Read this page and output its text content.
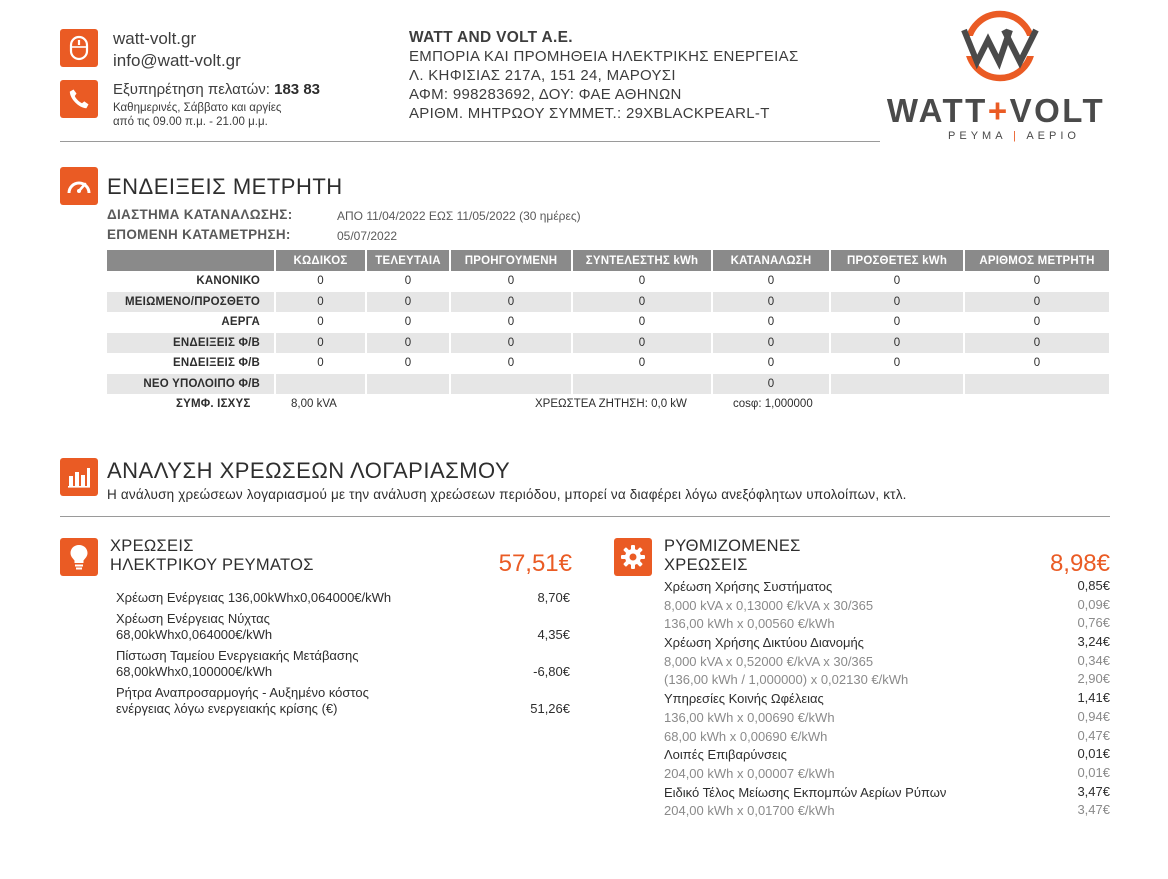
watt-volt.gr
info@watt-volt.gr
Εξυπηρέτηση πελατών: 183 83
Καθημερινές, Σάββατο και αργίες
από τις 09.00 π.μ. - 21.00 μ.μ.
WATT AND VOLT A.E.
ΕΜΠΟΡΙΑ ΚΑΙ ΠΡΟΜΗΘΕΙΑ ΗΛΕΚΤΡΙΚΗΣ ΕΝΕΡΓΕΙΑΣ
Λ. ΚΗΦΙΣΙΑΣ 217Α, 151 24, ΜΑΡΟΥΣΙ
ΑΦΜ: 998283692, ΔΟΥ: ΦΑΕ ΑΘΗΝΩΝ
ΑΡΙΘΜ. ΜΗΤΡΩΟΥ ΣΥΜΜΕΤ.: 29XBLACKPEARL-T	WATT+VOLT
ΡΕΥΜΑ | ΑΕΡΙΟ
ΕΝΔΕΙΞΕΙΣ ΜΕΤΡΗΤΗ
ΔΙΑΣΤΗΜΑ ΚΑΤΑΝΑΛΩΣΗΣ:	ΑΠΟ 11/04/2022 ΕΩΣ 11/05/2022 (30 ημέρες)
ΕΠΟΜΕΝΗ ΚΑΤΑΜΕΤΡΗΣΗ:	05/07/2022
	ΚΩΔΙΚΟΣ	ΤΕΛΕΥΤΑΙΑ	ΠΡΟΗΓΟΥΜΕΝΗ	ΣΥΝΤΕΛΕΣΤΗΣ kWh	ΚΑΤΑΝΑΛΩΣΗ	ΠΡΟΣΘΕΤΕΣ kWh	ΑΡΙΘΜΟΣ ΜΕΤΡΗΤΗ
ΚΑΝΟΝΙΚΟ	0	0	0	0	0	0	0
ΜΕΙΩΜΕΝΟ/ΠΡΟΣΘΕΤΟ	0	0	0	0	0	0	0
ΑΕΡΓΑ	0	0	0	0	0	0	0
ΕΝΔΕΙΞΕΙΣ Φ/Β	0	0	0	0	0	0	0
ΕΝΔΕΙΞΕΙΣ Φ/Β	0	0	0	0	0	0	0
ΝΕΟ ΥΠΟΛΟΙΠΟ Φ/Β					0		
ΣΥΜΦ. ΙΣΧΥΣ	8,00 kVA	ΧΡΕΩΣΤΕΑ ΖΗΤΗΣΗ: 0,0 kW	cosφ: 1,000000
ΑΝΑΛΥΣΗ ΧΡΕΩΣΕΩΝ ΛΟΓΑΡΙΑΣΜΟΥ
Η ανάλυση χρεώσεων λογαριασμού με την ανάλυση χρεώσεων περιόδου, μπορεί να διαφέρει λόγω ανεξόφλητων υπολοίπων, κτλ.
ΧΡΕΩΣΕΙΣ
ΗΛΕΚΤΡΙΚΟΥ ΡΕΥΜΑΤΟΣ	57,51€
Χρέωση Ενέργειας 136,00kWhx0,064000€/kWh	8,70€
Χρέωση Ενέργειας Νύχτας
68,00kWhx0,064000€/kWh	4,35€
Πίστωση Ταμείου Ενεργειακής Μετάβασης
68,00kWhx0,100000€/kWh	-6,80€
Ρήτρα Αναπροσαρμογής - Αυξημένο κόστος
ενέργειας λόγω ενεργειακής κρίσης (€)	51,26€
ΡΥΘΜΙΖΟΜΕΝΕΣ
ΧΡΕΩΣΕΙΣ	8,98€
Χρέωση Χρήσης Συστήματος	0,85€
8,000 kVA x 0,13000 €/kVA x 30/365	0,09€
136,00 kWh x 0,00560 €/kWh	0,76€
Χρέωση Χρήσης Δικτύου Διανομής	3,24€
8,000 kVA x 0,52000 €/kVA x 30/365	0,34€
(136,00 kWh / 1,000000) x 0,02130 €/kWh	2,90€
Υπηρεσίες Κοινής Ωφέλειας	1,41€
136,00 kWh x 0,00690 €/kWh	0,94€
68,00 kWh x 0,00690 €/kWh	0,47€
Λοιπές Επιβαρύνσεις	0,01€
204,00 kWh x 0,00007 €/kWh	0,01€
Ειδικό Τέλος Μείωσης Εκπομπών Αερίων Ρύπων	3,47€
204,00 kWh x 0,01700 €/kWh	3,47€
